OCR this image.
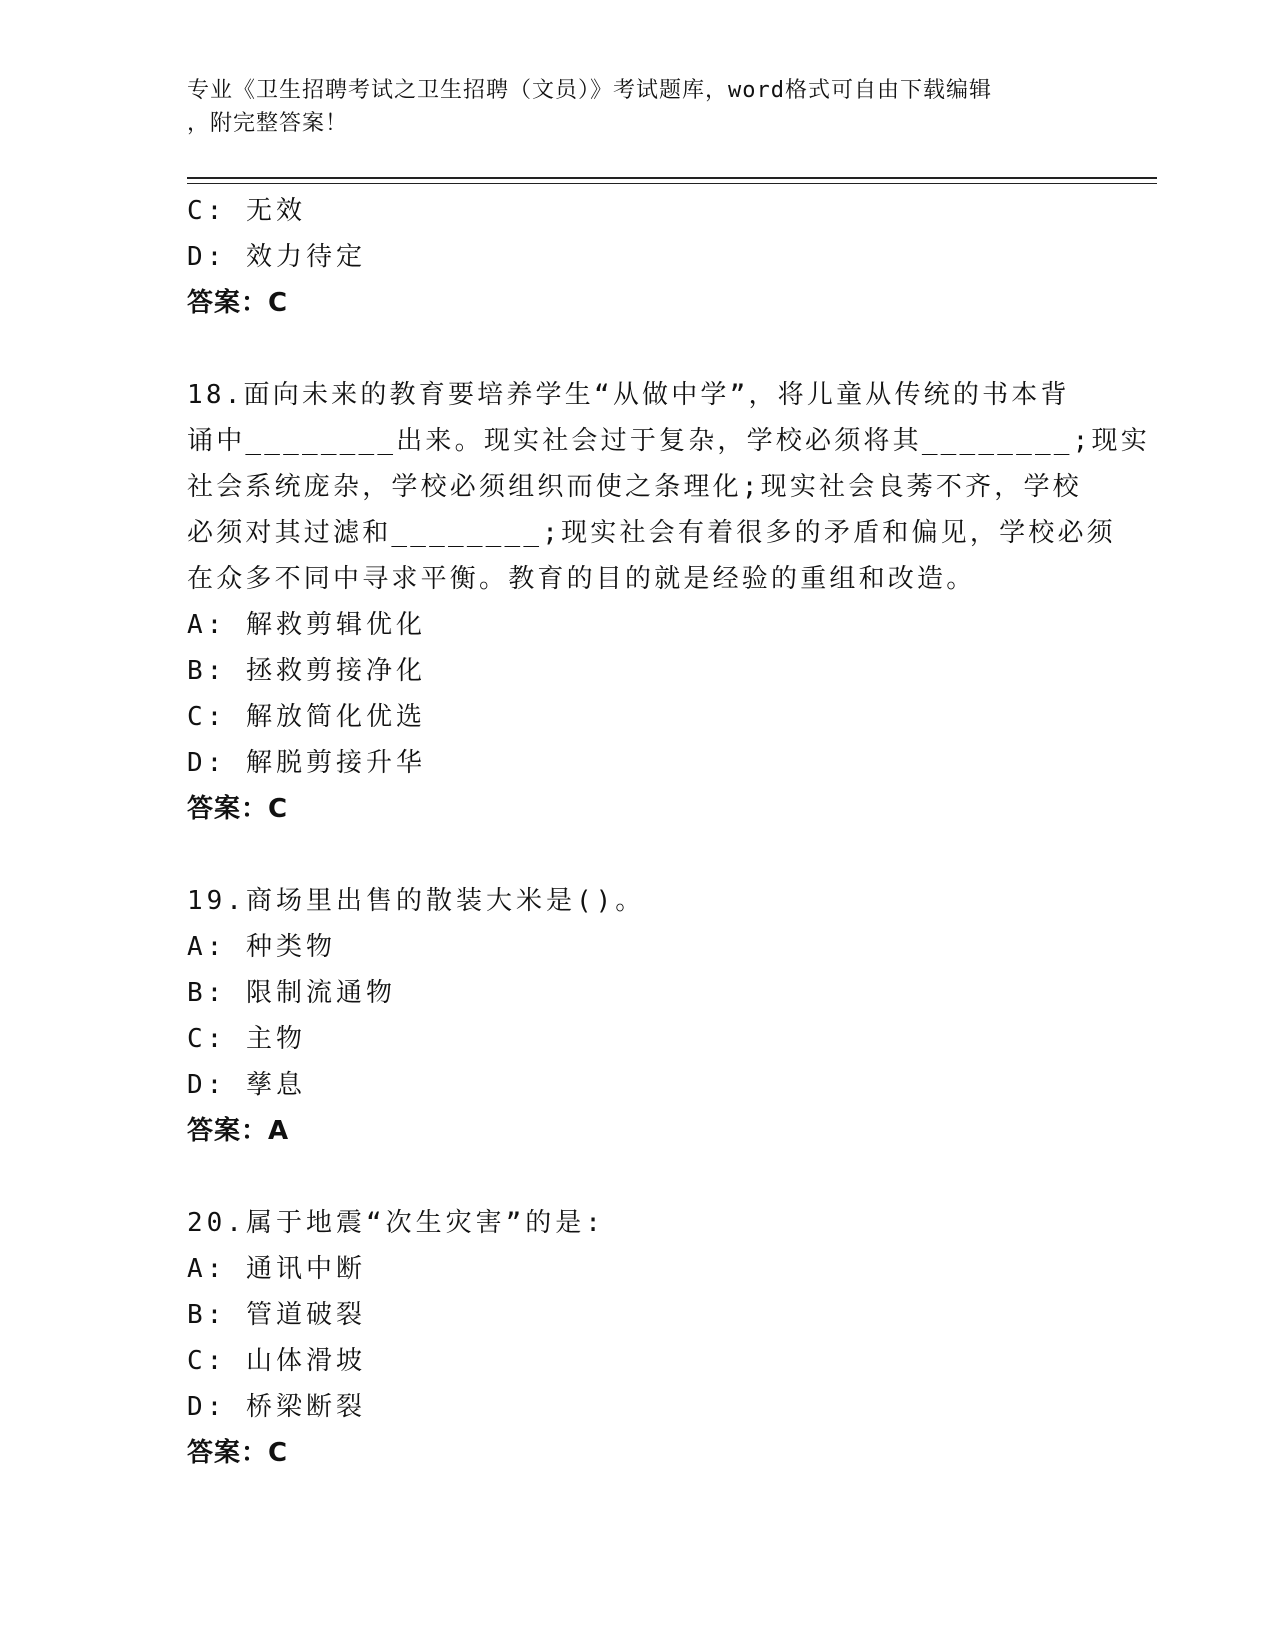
专业《卫生招聘考试之卫生招聘（文员）》考试题库，word格式可自由下载编辑
，附完整答案！
C: 无效
D: 效力待定
答案：C
18.面向未来的教育要培养学生“从做中学”，将儿童从传统的书本背
诵中________出来。现实社会过于复杂，学校必须将其________;现实
社会系统庞杂，学校必须组织而使之条理化;现实社会良莠不齐，学校
必须对其过滤和________;现实社会有着很多的矛盾和偏见，学校必须
在众多不同中寻求平衡。教育的目的就是经验的重组和改造。
A: 解救剪辑优化
B: 拯救剪接净化
C: 解放简化优选
D: 解脱剪接升华
答案：C
19.商场里出售的散装大米是()。
A: 种类物
B: 限制流通物
C: 主物
D: 孳息
答案：A
20.属于地震“次生灾害”的是:
A: 通讯中断
B: 管道破裂
C: 山体滑坡
D: 桥梁断裂
答案：C
